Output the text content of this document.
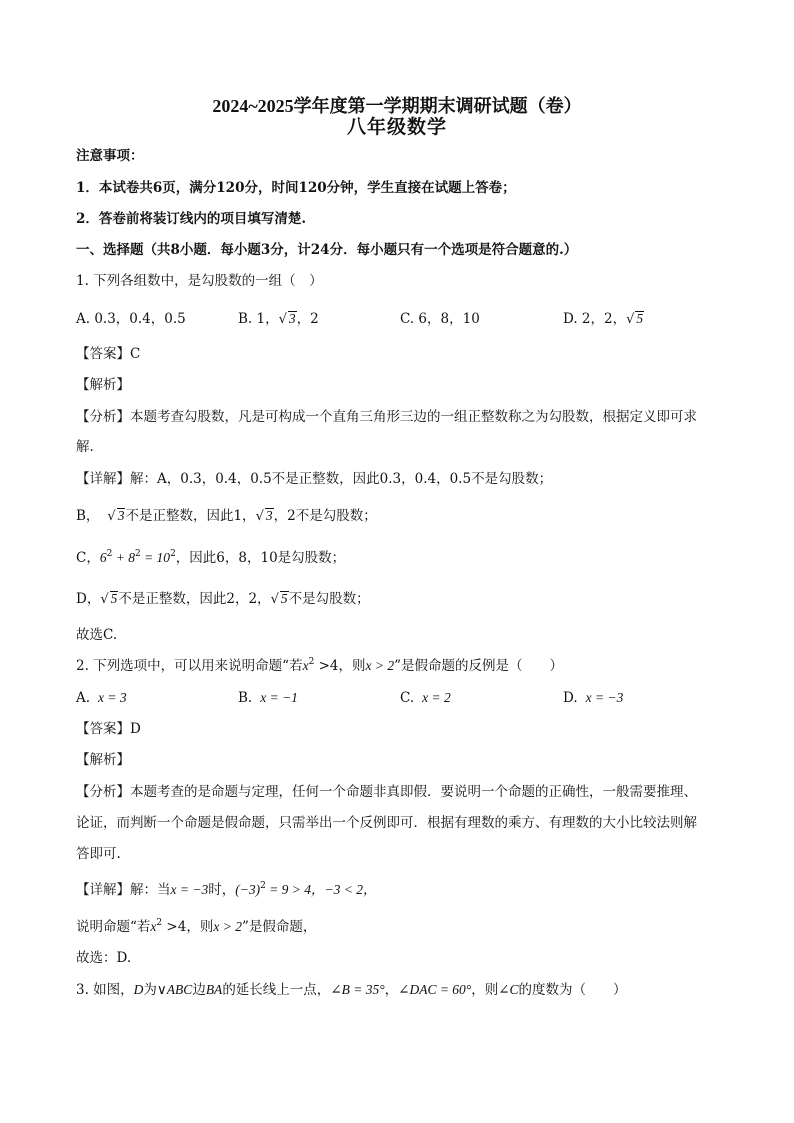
2024~2025学年度第一学期期末调研试题（卷）
八年级数学
注意事项：
1．本试卷共6页，满分120分，时间120分钟，学生直接在试题上答卷；
2．答卷前将装订线内的项目填写清楚.
一、选择题（共8小题．每小题3分，计24分．每小题只有一个选项是符合题意的.）
1. 下列各组数中，是勾股数的一组（　）
A. 0.3，0.4，0.5	B. 1，√ 3，2	C. 6，8，10	D. 2，2，√ 5
【答案】C
【解析】
【分析】本题考查勾股数，凡是可构成一个直角三角形三边的一组正整数称之为勾股数，根据定义即可求
解.
【详解】解：A，0.3，0.4，0.5不是正整数，因此0.3，0.4，0.5不是勾股数；
B， √ 3不是正整数，因此1，√ 3，2不是勾股数；
C，$6^2 + 8^2 = 10^2$，因此6，8，10是勾股数；
D，√ 5不是正整数，因此2，2，√ 5不是勾股数；
故选C.
2. 下列选项中，可以用来说明命题“若$x^2 >4$，则x > 2”是假命题的反例是（　　）
A. x = 3	B. x = −1	C. x = 2	D. x = −3
【答案】D
【解析】
【分析】本题考查的是命题与定理，任何一个命题非真即假．要说明一个命题的正确性，一般需要推理、
论证，而判断一个命题是假命题，只需举出一个反例即可．根据有理数的乘方、有理数的大小比较法则解
答即可.
【详解】解：当x = −3时，$(-3)^2 = 9 > 4$，−3 < 2，
说明命题“若$x^2 >4$，则x > 2”是假命题，
故选：D.
3. 如图，D为∨ABC边BA的延长线上一点，∠B = 35°，∠DAC = 60°，则∠C的度数为（　　）
